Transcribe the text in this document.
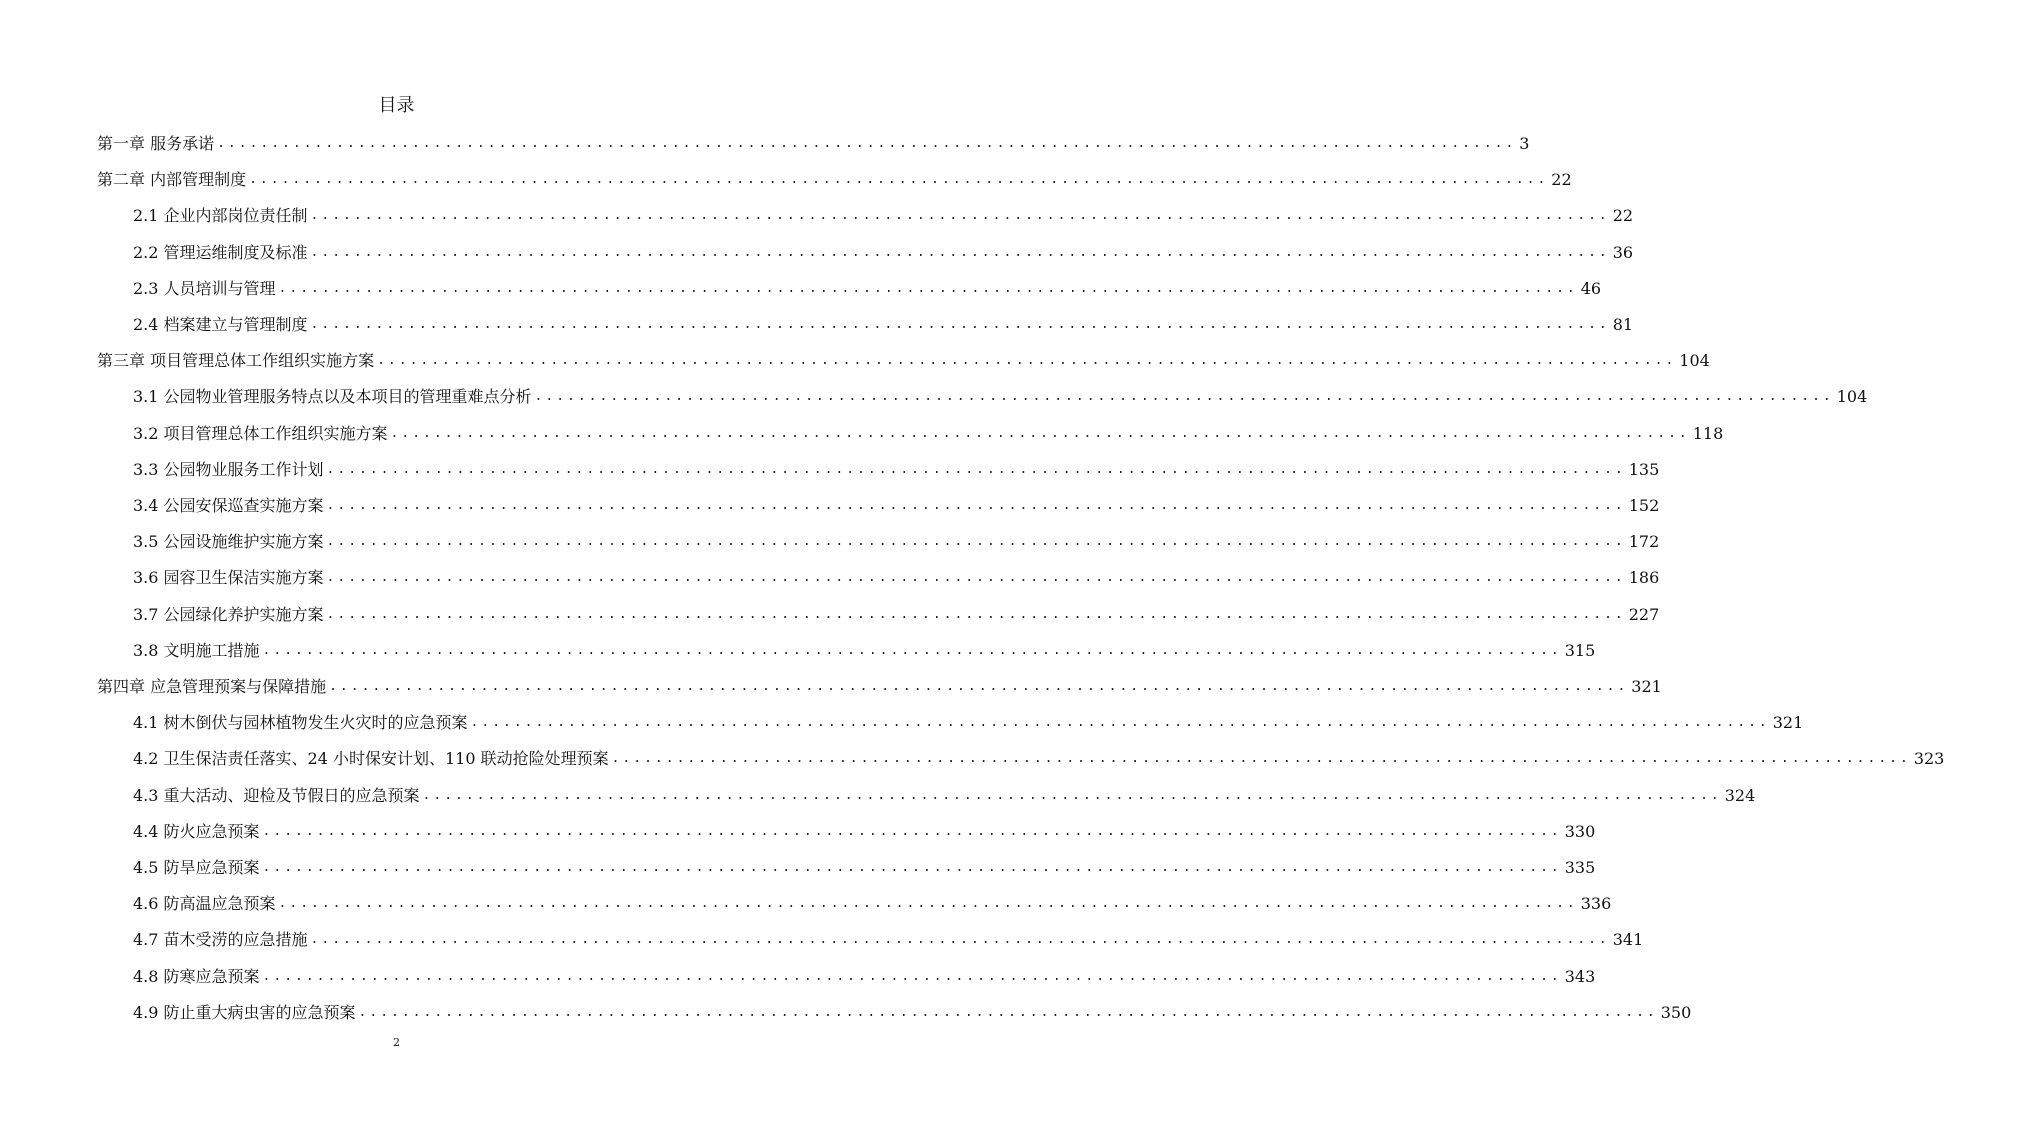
目录
第一章 服务承诺 ........................................................................................................................ 3
第二章 内部管理制度 ........................................................................................................................ 22
2.1 企业内部岗位责任制 ........................................................................................................................ 22
2.2 管理运维制度及标准 ........................................................................................................................ 36
2.3 人员培训与管理 ........................................................................................................................ 46
2.4 档案建立与管理制度 ........................................................................................................................ 81
第三章 项目管理总体工作组织实施方案 ........................................................................................................................ 104
3.1 公园物业管理服务特点以及本项目的管理重难点分析 ........................................................................................................................ 104
3.2 项目管理总体工作组织实施方案 ........................................................................................................................ 118
3.3 公园物业服务工作计划 ........................................................................................................................ 135
3.4 公园安保巡查实施方案 ........................................................................................................................ 152
3.5 公园设施维护实施方案 ........................................................................................................................ 172
3.6 园容卫生保洁实施方案 ........................................................................................................................ 186
3.7 公园绿化养护实施方案 ........................................................................................................................ 227
3.8 文明施工措施 ........................................................................................................................ 315
第四章 应急管理预案与保障措施 ........................................................................................................................ 321
4.1 树木倒伏与园林植物发生火灾时的应急预案 ........................................................................................................................ 321
4.2 卫生保洁责任落实、24 小时保安计划、110 联动抢险处理预案 ........................................................................................................................ 323
4.3 重大活动、迎检及节假日的应急预案 ........................................................................................................................ 324
4.4 防火应急预案 ........................................................................................................................ 330
4.5 防旱应急预案 ........................................................................................................................ 335
4.6 防高温应急预案 ........................................................................................................................ 336
4.7 苗木受涝的应急措施 ........................................................................................................................ 341
4.8 防寒应急预案 ........................................................................................................................ 343
4.9 防止重大病虫害的应急预案 ........................................................................................................................ 350
2
